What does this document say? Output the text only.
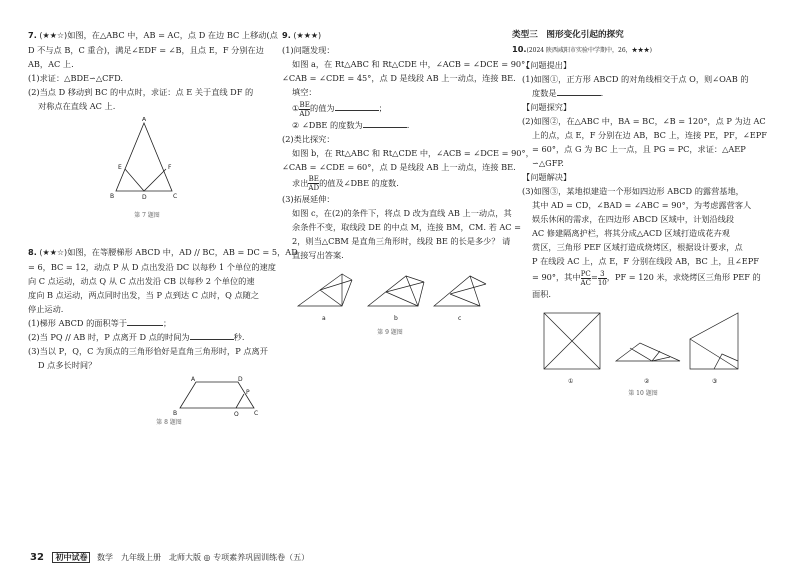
7. (★★☆)如图，在△ABC 中，AB = AC，点 D 在边 BC 上移动(点

D 不与点 B，C 重合)，满足∠EDF = ∠B，且点 E，F 分别在边

AB，AC 上.

(1)求证：△BDE∽△CFD.

(2)当点 D 移动到 BC 的中点时，求证：点 E 关于直线 DF 的

对称点在直线 AC 上.

A
E	F
B	D	C

第 7 题图

8. (★★☆)如图，在等腰梯形 ABCD 中，AD // BC，AB = DC = 5，AD

= 6，BC = 12，动点 P 从 D 点出发沿 DC 以每秒 1 个单位的速度

向 C 点运动，动点 Q 从 C 点出发沿 CB 以每秒 2 个单位的速

度向 B 点运动，两点同时出发，当 P 点到达 C 点时，Q 点随之

停止运动.

(1)梯形 ABCD 的面积等于	；

(2)当 PQ // AB 时，P 点离开 D 点的时间为	秒.

(3)当以 P，Q，C 为顶点的三角形恰好是直角三角形时，P 点离开

D 点多长时间？

A	D
P
B	Q	C

第 8 题图

9. (★★★)

(1)问题发现：

如图 a，在 Rt△ABC 和 Rt△CDE 中，∠ACB = ∠DCE = 90°，

∠CAB = ∠CDE = 45°，点 D 是线段 AB 上一动点，连接 BE.

填空：

① $\frac{BE}{AD}$ 的值为	；

② ∠DBE 的度数为	.

(2)类比探究：

如图 b，在 Rt△ABC 和 Rt△CDE 中，∠ACB = ∠DCE = 90°，

∠CAB = ∠CDE = 60°，点 D 是线段 AB 上一动点，连接 BE.

求出 $\frac{BE}{AD}$ 的值及∠DBE 的度数.

(3)拓展延伸：

如图 c，在(2)的条件下，将点 D 改为直线 AB 上一动点，其

余条件不变，取线段 DE 的中点 M，连接 BM，CM. 若 AC =

2，则当△CBM 是直角三角形时，线段 BE 的长是多少？ 请

直接写出答案.

a	b	c

第 9 题图

类型三　图形变化引起的探究

10.(2024 陕西咸阳市实验中学期中，26，★★★)

【问题提出】

(1)如图①，正方形 ABCD 的对角线相交于点 O，则∠OAB 的

度数是	.

【问题探究】

(2)如图②，在△ABC 中，BA = BC，∠B = 120°，点 P 为边 AC

上的点，点 E，F 分别在边 AB，BC 上，连接 PE，PF，∠EPF

= 60°，点 G 为 BC 上一点，且 PG = PC，求证：△AEP

∽△GFP.

【问题解决】

(3)如图③，某地拟建造一个形如四边形 ABCD 的露营基地，

其中 AD = CD，∠BAD = ∠ABC = 90°，为考虑露营客人

娱乐休闲的需求，在四边形 ABCD 区域中，计划沿线段

AC 修建隔离护栏，将其分成△ACD 区域打造成花卉观

赏区，三角形 PEF 区域打造成烧烤区，根据设计要求，点

P 在线段 AC 上，点 E，F 分别在线段 AB，BC 上，且∠EPF

= 90°，其中 $\frac{PC}{AC} = \frac{3}{10}$ ，PF = 120 米，求烧烤区三角形 PEF 的

面积.

①	②	③

第 10 题图

32 初中试卷 数学　九年级上册　北师大版 ◎ 专项素养巩固训练卷（五）
